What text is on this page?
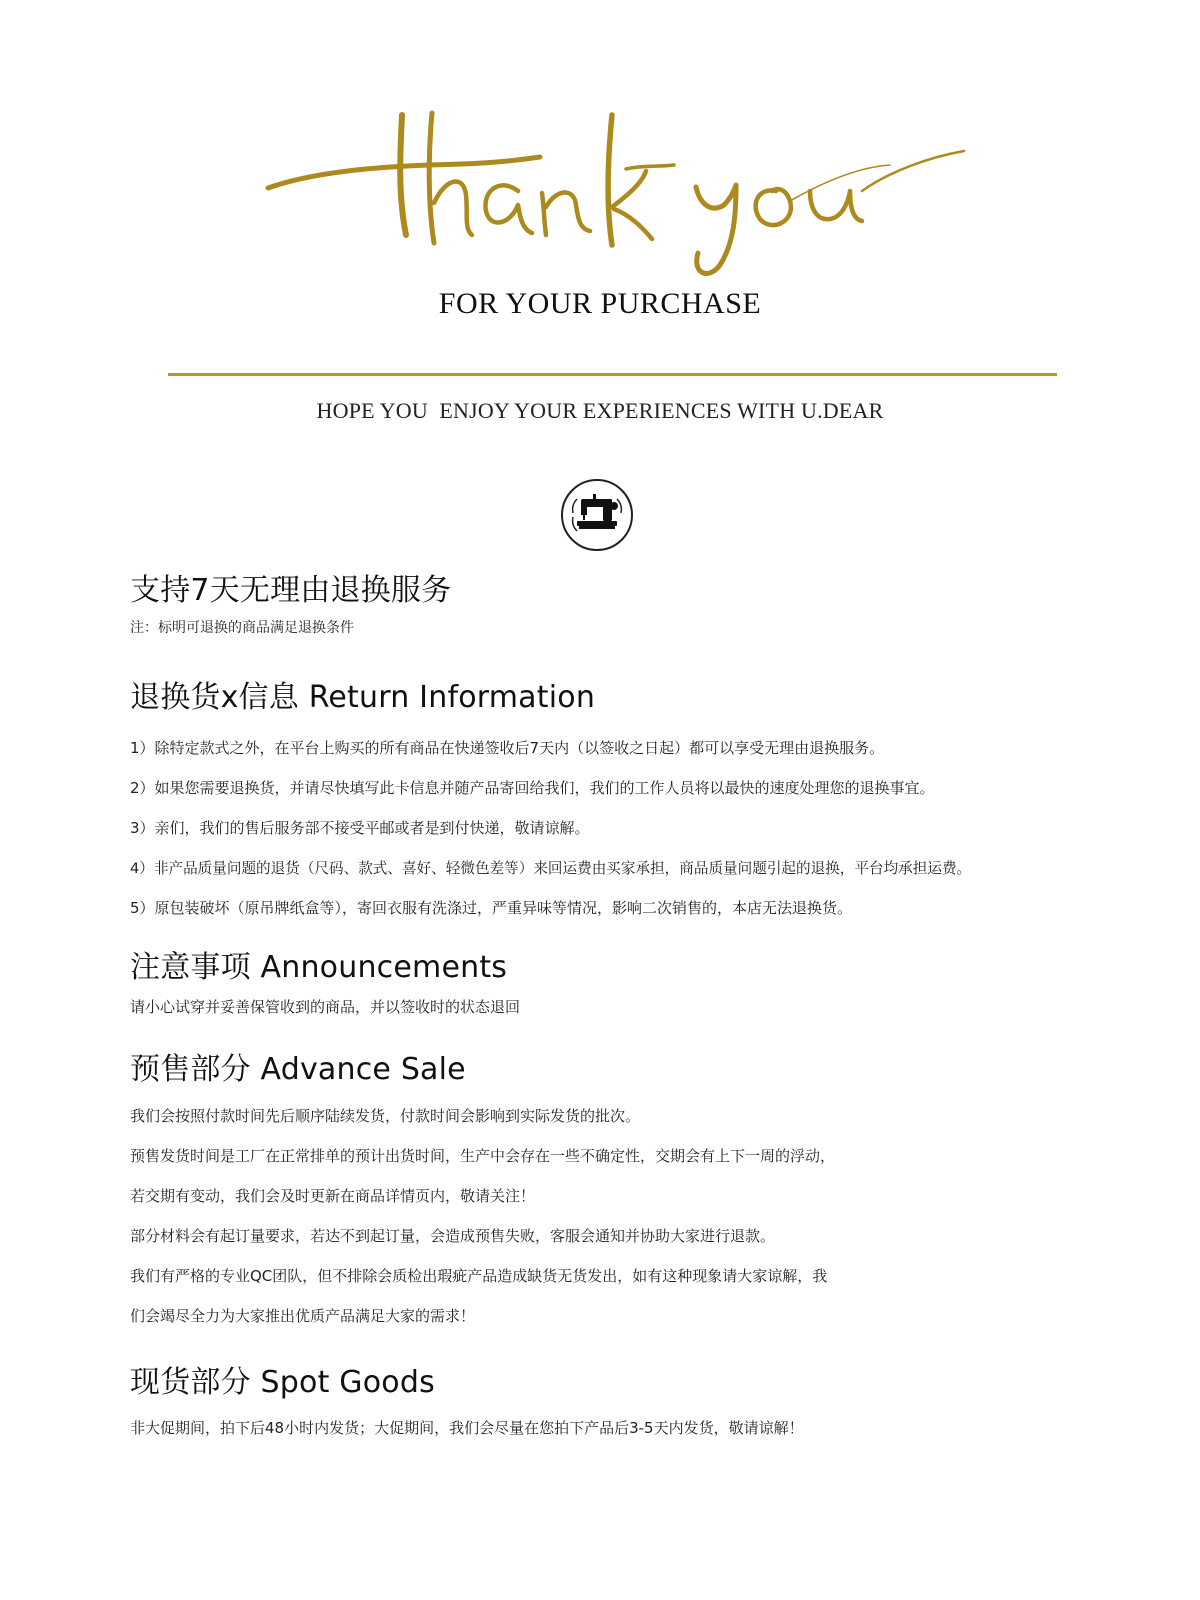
FOR YOUR PURCHASE
HOPE YOU  ENJOY YOUR EXPERIENCES WITH U.DEAR
支持7天无理由退换服务
注：标明可退换的商品满足退换条件
退换货x信息 Return Information
1）除特定款式之外，在平台上购买的所有商品在快递签收后7天内（以签收之日起）都可以享受无理由退换服务。
2）如果您需要退换货，并请尽快填写此卡信息并随产品寄回给我们，我们的工作人员将以最快的速度处理您的退换事宜。
3）亲们，我们的售后服务部不接受平邮或者是到付快递，敬请谅解。
4）非产品质量问题的退货（尺码、款式、喜好、轻微色差等）来回运费由买家承担，商品质量问题引起的退换，平台均承担运费。
5）原包装破坏（原吊牌纸盒等），寄回衣服有洗涤过，严重异味等情况，影响二次销售的，本店无法退换货。
注意事项 Announcements
请小心试穿并妥善保管收到的商品，并以签收时的状态退回
预售部分 Advance Sale
我们会按照付款时间先后顺序陆续发货，付款时间会影响到实际发货的批次。
预售发货时间是工厂在正常排单的预计出货时间，生产中会存在一些不确定性，交期会有上下一周的浮动，
若交期有变动，我们会及时更新在商品详情页内，敬请关注！
部分材料会有起订量要求，若达不到起订量，会造成预售失败，客服会通知并协助大家进行退款。
我们有严格的专业QC团队，但不排除会质检出瑕疵产品造成缺货无货发出，如有这种现象请大家谅解，我
们会竭尽全力为大家推出优质产品满足大家的需求！
现货部分 Spot Goods
非大促期间，拍下后48小时内发货；大促期间，我们会尽量在您拍下产品后3-5天内发货，敬请谅解！
